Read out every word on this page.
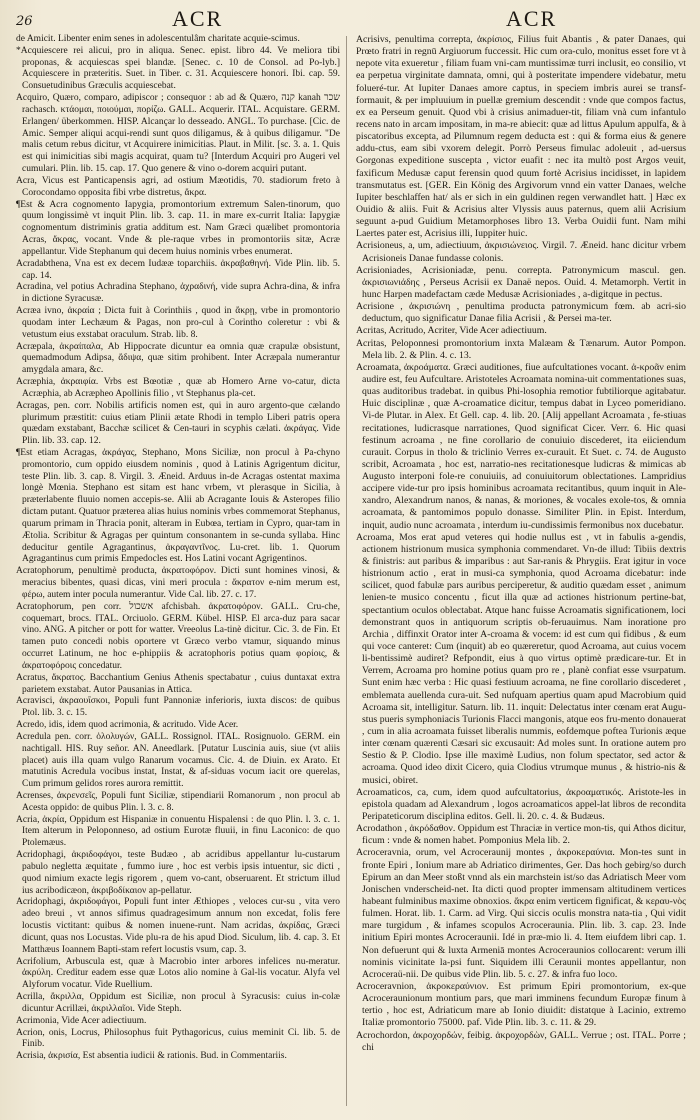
26	ACR	ACR

de Amicit. Libenter enim senes in adolescentulâm charitate acquie-scimus.

*Acquiescere rei alicui, pro in aliqua. Senec. epist. libro 44. Ve meliora tibi proponas, & acquiescas spei blandæ. [Senec. c. 10 de Consol. ad Po-lyb.] Acquiescere in præteritis. Suet. in Tiber. c. 31. Acquiescere honori. Ibi. cap. 59. Consuetudinibus Græculis acquiescebat.

Acquiro, Quæro, comparo, adipiscor ; consequor : ab ad & Quæro, קנה kanah שכר rachasch. κτάομαι, ποιούμαι, πορίζω. GALL. Acquerir. ITAL. Acquistare. GERM. Erlangen/ überkommen. HISP. Alcançar lo desseado. ANGL. To purchase. [Cic. de Amic. Semper aliqui acqui-rendi sunt quos diligamus, & à quibus diligamur. "De malis cetum rebus dicitur, vt Acquirere inimicitias. Plaut. in Milit. [sc. 3. a. 1. Quis est qui inimicitias sibi magis acquirat, quam tu? [Interdum Acquiri pro Augeri vel cumulari. Plin. lib. 15. cap. 17. Quo genere & vino o-dorem acquiri putant.

Acra, Vicus est Panticapensis agri, ad ostium Mæotidis, 70. stadiorum freto à Corocondamo opposita fibi vrbe distretus, ἄκρα.

¶Est & Acra cognomento Iapygia, promontorium extremum Salen-tinorum, quo quum longissimè vt inquit Plin. lib. 3. cap. 11. in mare ex-currit Italia: Iapygiæ cognomentum distriminis gratia additum est. Nam Græci quælibet promontoria Acras, ἄκρας, vocant. Vnde & ple-raque vrbes in promontoriis sitæ, Acræ appellantur. Vide Stephanum qui decem huius nominis vrbes enumerat.

Acradabthena, Vna est ex decem Iudææ toparchiis. ἀκραβαθηνή. Vide Plin. lib. 5. cap. 14.

Acradina, vel potius Achradina Stephano, ἀχραδινή, vide supra Achra-dina, & infra in dictione Syracusæ.

Acræa ivno, ἀκραία ; Dicta fuit à Corinthiis , quod in ἄκρῃ, vrbe in promontorio quodam inter Lechæum & Pagas, non pro-cul à Corintho coleretur : vbi & vetustum eius exstabat oraculum. Strab. lib. 8.

Acræpala, ἀκραίπαλα, Ab Hippocrate dicuntur ea omnia quæ crapulæ obsistunt, quemadmodum Adipsa, ἄδιψα, quæ sitim prohibent. Inter Acræpala numerantur amygdala amara, &c.

Acræphia, ἀκραιφία. Vrbs est Bœotiæ , quæ ab Homero Arne vo-catur, dicta Acræphia, ab Acræpheo Apollinis filio , vt Stephanus pla-cet.

Acragas, pen. corr. Nobilis artificis nomen est, qui in auro argento-que cælando plurimum præstitit: cuius etiam Plinii ætate Rhodi in templo Liberi patris opera quædam exstabant, Bacchæ scilicet & Cen-tauri in scyphis cælati. ἀκράγας. Vide Plin. lib. 33. cap. 12.

¶Est etiam Acragas, ἀκράγας, Stephano, Mons Siciliæ, non procul à Pa-chyno promontorio, cum oppido eiusdem nominis , quod à Latinis Agrigentum dicitur, teste Plin. lib. 3. cap. 8. Virgil. 3. Æneid. Arduus in-de Acragas ostentat maxima longè Mœnia. Stephano est sitam est hanc vrbem, vt plerasque in Sicilia, à præterlabente fluuio nomen accepis-se. Alii ab Acragante Iouis & Asteropes filio dictam putant. Quatuor præterea alias huius nominis vrbes commemorat Stephanus, quarum primam in Thracia ponit, alteram in Eubœa, tertiam in Cypro, quar-tam in Ætolia. Scribitur & Agragas per quintum consonantem in se-cunda syllaba. Hinc deducitur gentile Agragantinus, ἀκραγαντῖνος. Lu-cret. lib. 1. Quorum Agragantinus cum primis Empedocles est. Hos Latini vocant Agrigentinos.

Acratophorum, penultimè producta, ἀκρατοφόρον. Dicti sunt homines vinosi, & meracius bibentes, quasi dicas, vini meri procula : ἄκρατον e-nim merum est, φέρω, autem inter pocula numerantur. Vide Cal. lib. 27. c. 17.

Acratophorum, pen corr. אשכול afchisbah. ἀκρατοφόρον. GALL. Cru-che, coquemart, brocs. ITAL. Orciuolo. GERM. Kübel. HISP. El arca-duz para sacar vino. ANG. A pitcher or pott for watter. Vreeolus La-tinè dicitur. Cic. 3. de Fin. Et tamen puto concedi nobis oportere vt Græco verbo vtamur, siquando minus occurret Latinum, ne hoc e-phippiis & acratophoris potius quam φορίοις, & ἀκρατοφόροις concedatur.

Acratus, ἄκρατος. Bacchantium Genius Athenis spectabatur , cuius duntaxat extra parietem exstabat. Autor Pausanias in Attica.

Acravisci, ἀκραουΐσκοι, Populi funt Pannoniæ inferioris, iuxta discos: de quibus Ptol. lib. 3. c. 15.

Acredo, idis, idem quod acrimonia, & acritudo. Vide Acer.

Acredula pen. corr. ὀλολυγών, GALL. Rossignol. ITAL. Rosignuolo. GERM. ein nachtigall. HIS. Ruy señor. AN. Aneedlark. [Putatur Luscinia auis, siue (vt aliis placet) auis illa quam vulgo Ranarum vocamus. Cic. 4. de Diuin. ex Arato. Et matutinis Acredula vocibus instat, Instat, & af-siduas vocum iacit ore querelas, Cum primum gelidos rores aurora remittit.

Acrenses, ἀκρενσεῖς, Populi funt Siciliæ, stipendiarii Romanorum , non procul ab Acesta oppido: de quibus Plin. l. 3. c. 8.

Acria, ἀκρία, Oppidum est Hispaniæ in conuentu Hispalensi : de quo Plin. l. 3. c. 1. Item alterum in Peloponneso, ad ostium Eurotæ fluuii, in finu Laconico: de quo Ptolemæus.

Acridophagi, ἀκριδοφάγοι, teste Budæo , ab acridibus appellantur lu-custarum pabulo negletta æquitate , fummo iure , hoc est verbis ipsis intuentur, sic dicti , quod nimium exacte legis rigorem , quem vo-cant, obseruarent. Et strictum illud ius acribodicæon, ἀκριβοδίκαιον ap-pellatur.

Acridophagi, ἀκριδοφάγοι, Populi funt inter Æthiopes , veloces cur-su , vita vero adeo breui , vt annos sifimus quadragesimum annum non excedat, folis fere locustis victitant: quibus & nomen inuene-runt. Nam acridas, ἀκρίδας, Græci dicunt, quas nos Locustas. Vide plu-ra de his apud Diod. Siculum, lib. 4. cap. 3. Et Matthæus Ioannem Bapti-stam refert locustis vsum, cap. 3.

Acrifolium, Arbuscula est, quæ à Macrobio inter arbores infelices nu-meratur. ἀκρύλη. Creditur eadem esse quæ Lotos alio nomine à Gal-lis vocatur. Alyfa vel Alyforum vocatur. Vide Ruellium.

Acrilla, ἄκριλλα, Oppidum est Siciliæ, non procul à Syracusis: cuius in-colæ dicuntur Acrillæi, ἀκριλλαῖοι. Vide Steph.

Acrimonia, Vide Acer adiectiuum.

Acrion, onis, Locrus, Philosophus fuit Pythagoricus, cuius meminit Ci. lib. 5. de Finib.

Acrisia, ἀκρισία, Est absentia iudicii & rationis. Bud. in Commentariis.

Acrisivs, penultima correpta, ἀκρίσιος, Filius fuit Abantis , & pater Danaes, qui Prœto fratri in regnū Argiuorum fuccessit. Hic cum ora-culo, monitus esset fore vt à nepote vita exueretur , filiam fuam vni-cam muntissimæ turri inclusit, eo consilio, vt ea perpetua virginitate damnata, omni, qui à posteritate impendere videbatur, metu folueré-tur. At Iupiter Danaes amore captus, in speciem imbris aurei se transf-formauit, & per impluuium in puellæ gremium descendit : vnde que compos factus, ex ea Perseum genuit. Quod vbi à crisius animaduer-tit, filiam vnà cum infantulo recens nato in arcam impositam, in ma-re abiecit: quæ ad littus Apulum appulfa, & à piscatoribus excepta, ad Pilumnum regem deducta est : qui & forma eius & genere addu-ctus, eam sibi vxorem delegit. Porrò Perseus fimulac adoleuit , ad-uersus Gorgonas expeditione suscepta , victor euafit : nec ita multò post Argos veuit, faxificum Medusæ caput ferensin quod quum fortè Acrisius incidisset, in lapidem transmutatus est. [GER. Ein König des Argivorum vnnd ein vatter Danaes, welche Iupiter beschlaffen hat/ als er sich in ein guldinen regen verwandlet hatt. ] Hæc ex Ouidio & aliis. Fuit & Acrisius alter Vlyssis auus paternus, quem alii Acrisium seguunt a-pud Guidium Metamorphoses libro 13. Verba Ouidii funt. Nam mihi Laertes pater est, Acrisius illi, Iuppiter huic.

Acrisioneus, a, um, adiectiuum, ἀκρισιώνειος. Virgil. 7. Æneid. hanc dicitur vrbem Acrisioneis Danae fundasse colonis.

Acrisioniades, Acrisioniadæ, penu. correpta. Patronymicum mascul. gen. ἀκρισιωνιάδης , Perseus Acrisii ex Danaë nepos. Ouid. 4. Metamorph. Vertit in hunc Harpen madefactam cæde Medusæ Acrisioniades , a-digitque in pectus.

Acrisione , ἀκρισιώνη , penultima producta patronymicum fœm. ab acri-sio deductum, quo significatur Danae filia Acrisii , & Persei ma-ter.

Acritas, Acritudo, Acriter, Vide Acer adiectiuum.

Acritas, Peloponnesi promontorium inxta Malæam & Tænarum. Autor Pompon. Mela lib. 2. & Plin. 4. c. 13.

Acroamata, ἀκροάματα. Græci auditiones, fiue aufcultationes vocant. ἀ-κροᾶν enim audire est, feu Aufcultare. Aristoteles Acroamata nomina-uit commentationes suas, quas auditoribus tradebat. in quibus Phi-losophia remotior fubtiliorque agitabatur. Huic disciplinæ , quæ A-croamatice dicitur, tempus dabat in Lyceo pomeridiano. Vi-de Plutar. in Alex. Et Gell. cap. 4. lib. 20. [Alij appellant Acroamata , fe-stiuas recitationes, ludicrasque narrationes, Quod significat Cicer. Verr. 6. Hic quasi festinum acroama , ne fine corollario de conuiuio discederet, ita eiiciendum curauit. Corpus in tholo & triclinio Verres ex-curauit. Et Suet. c. 74. de Augusto scribit, Acroamata , hoc est, narratio-nes recitationesque ludicras & mimicas ab Augusto interponi fole-re conuiuiis, ad conuiuitorum oblectationes. Lampridius accipere vide-tur pro ipsis hominibus acroamata recitantibus, quum inquit in Ale-xandro, Alexandrum nanos, & nanas, & moriones, & vocales exole-tos, & omnia acroamata, & pantomimos populo donasse. Similiter Plin. in Epist. Interdum, inquit, audio nunc acroamata , interdum iu-cundissimis fermonibus nox ducebatur.

Acroama, Mos erat apud veteres qui hodie nullus est , vt in fabulis a-gendis, actionem histrionum musica symphonia commendaret. Vn-de illud: Tibiis dextris & finistris: aut paribus & imparibus : aut Sar-ranis & Phrygiis. Erat igitur in voce histrionum actio , erat in musi-ca symphonia, quod Acroama dicebatur: inde scilicet, quod fabulæ pars auribus perciperetur, & auditio quædam esset , animum lenien-te musico concentu , ficut illa quæ ad actiones histrionum pertine-bat, spectantium oculos oblectabat. Atque hanc fuisse Acroamatis significationem, loci demonstrant quos in antiquorum scriptis ob-feruauimus. Nam inoratione pro Archia , diffinxit Orator inter A-croama & vocem: id est cum qui fidibus , & eum qui voce canteret: Cum (inquit) ab eo quæreretur, quod Acroama, aut cuius vocem li-bentissimè audiret? Refpondit, eius à quo virtus optimè prædicare-tur. Et in Verrem, Acroama pro homine potius quam pro re , planè confiat esse vsurpatum. Sunt enim hæc verba : Hic quasi festiuum acroama, ne fine corollario discederet , emblemata auellenda cura-uit. Sed nufquam apertius quam apud Macrobium quid Acroama sit, intelligitur. Saturn. lib. 11. inquit: Delectatus inter cœnam erat Augu-stus pueris symphoniacis Turionis Flacci mangonis, atque eos fru-mento donauerat , cum in alia acroamata fuisset liberalis nummis, eofdemque poftea Turionis æque inter cœnam quærenti Cæsari sic excusauit: Ad moles sunt. In oratione autem pro Sestio & P. Clodio. Ipse ille maximè Ludius, non folum spectator, sed actor & acroama. Quod ideo dixit Cicero, quia Clodius vtrumque munus , & histrio-nis & musici, obiret.

Acroamaticos, ca, cum, idem quod aufcultatorius, ἀκροαματικός. Aristote-les in epistola quadam ad Alexandrum , logos acroamaticos appel-lat libros de recondita Peripateticorum disciplina editos. Gell. li. 20. c. 4. & Budæus.

Acrodathon , ἀκρόδαθον. Oppidum est Thraciæ in vertice mon-tis, qui Athos dicitur, ficum : vnde & nomen habet. Pomponius Mela lib. 2.

Acroceravnia, orum, vel Acroceraunij montes , ἀκροκεραύνια. Mon-tes sunt in fronte Epiri , Ionium mare ab Adriatico dirimentes, Ger. Das hoch gebirg/so durch Epirum an dan Meer stoßt vnnd als ein marchstein ist/so das Adriatisch Meer vom Jonischen vnderscheid-net. Ita dicti quod propter immensam altitudinem vertices habeant fulminibus maxime obnoxios. ἄκρα enim verticem fignificat, & κεραυ-νὸς fulmen. Horat. lib. 1. Carm. ad Virg. Qui siccis oculis monstra nata-tia , Qui vidit mare turgidum , & infames scopulos Acroceraunia. Plin. lib. 3. cap. 23. Inde initium Epiri montes Acroceraunii. Idé in præ-mio li. 4. Item eiufdem libri cap. 1. Non defuerunt qui & luxta Armeniā montes Acroceraunios collocarent: verum illi nominis vicinitate la-psi funt. Siquidem illi Ceraunii montes appellantur, non Acroceraü-nii. De quibus vide Plin. lib. 5. c. 27. & infra fuo loco.

Acroceravnion, ἀκροκεραύνιον. Est primum Epiri promontorium, ex-que Acroceraunionum montium pars, que mari imminens fecundum Europæ finum à tertio , hoc est, Adriaticum mare ab Ionio diuidit: distatque à Lacinio, extremo Italiæ promontorio 75000. paf. Vide Plin. lib. 3. c. 11. & 29.

Acrochordon, ἀκροχορδών, feibig. ἀκροχορδὼν, GALL. Verrue ; ost. ITAL. Porre ; chi
